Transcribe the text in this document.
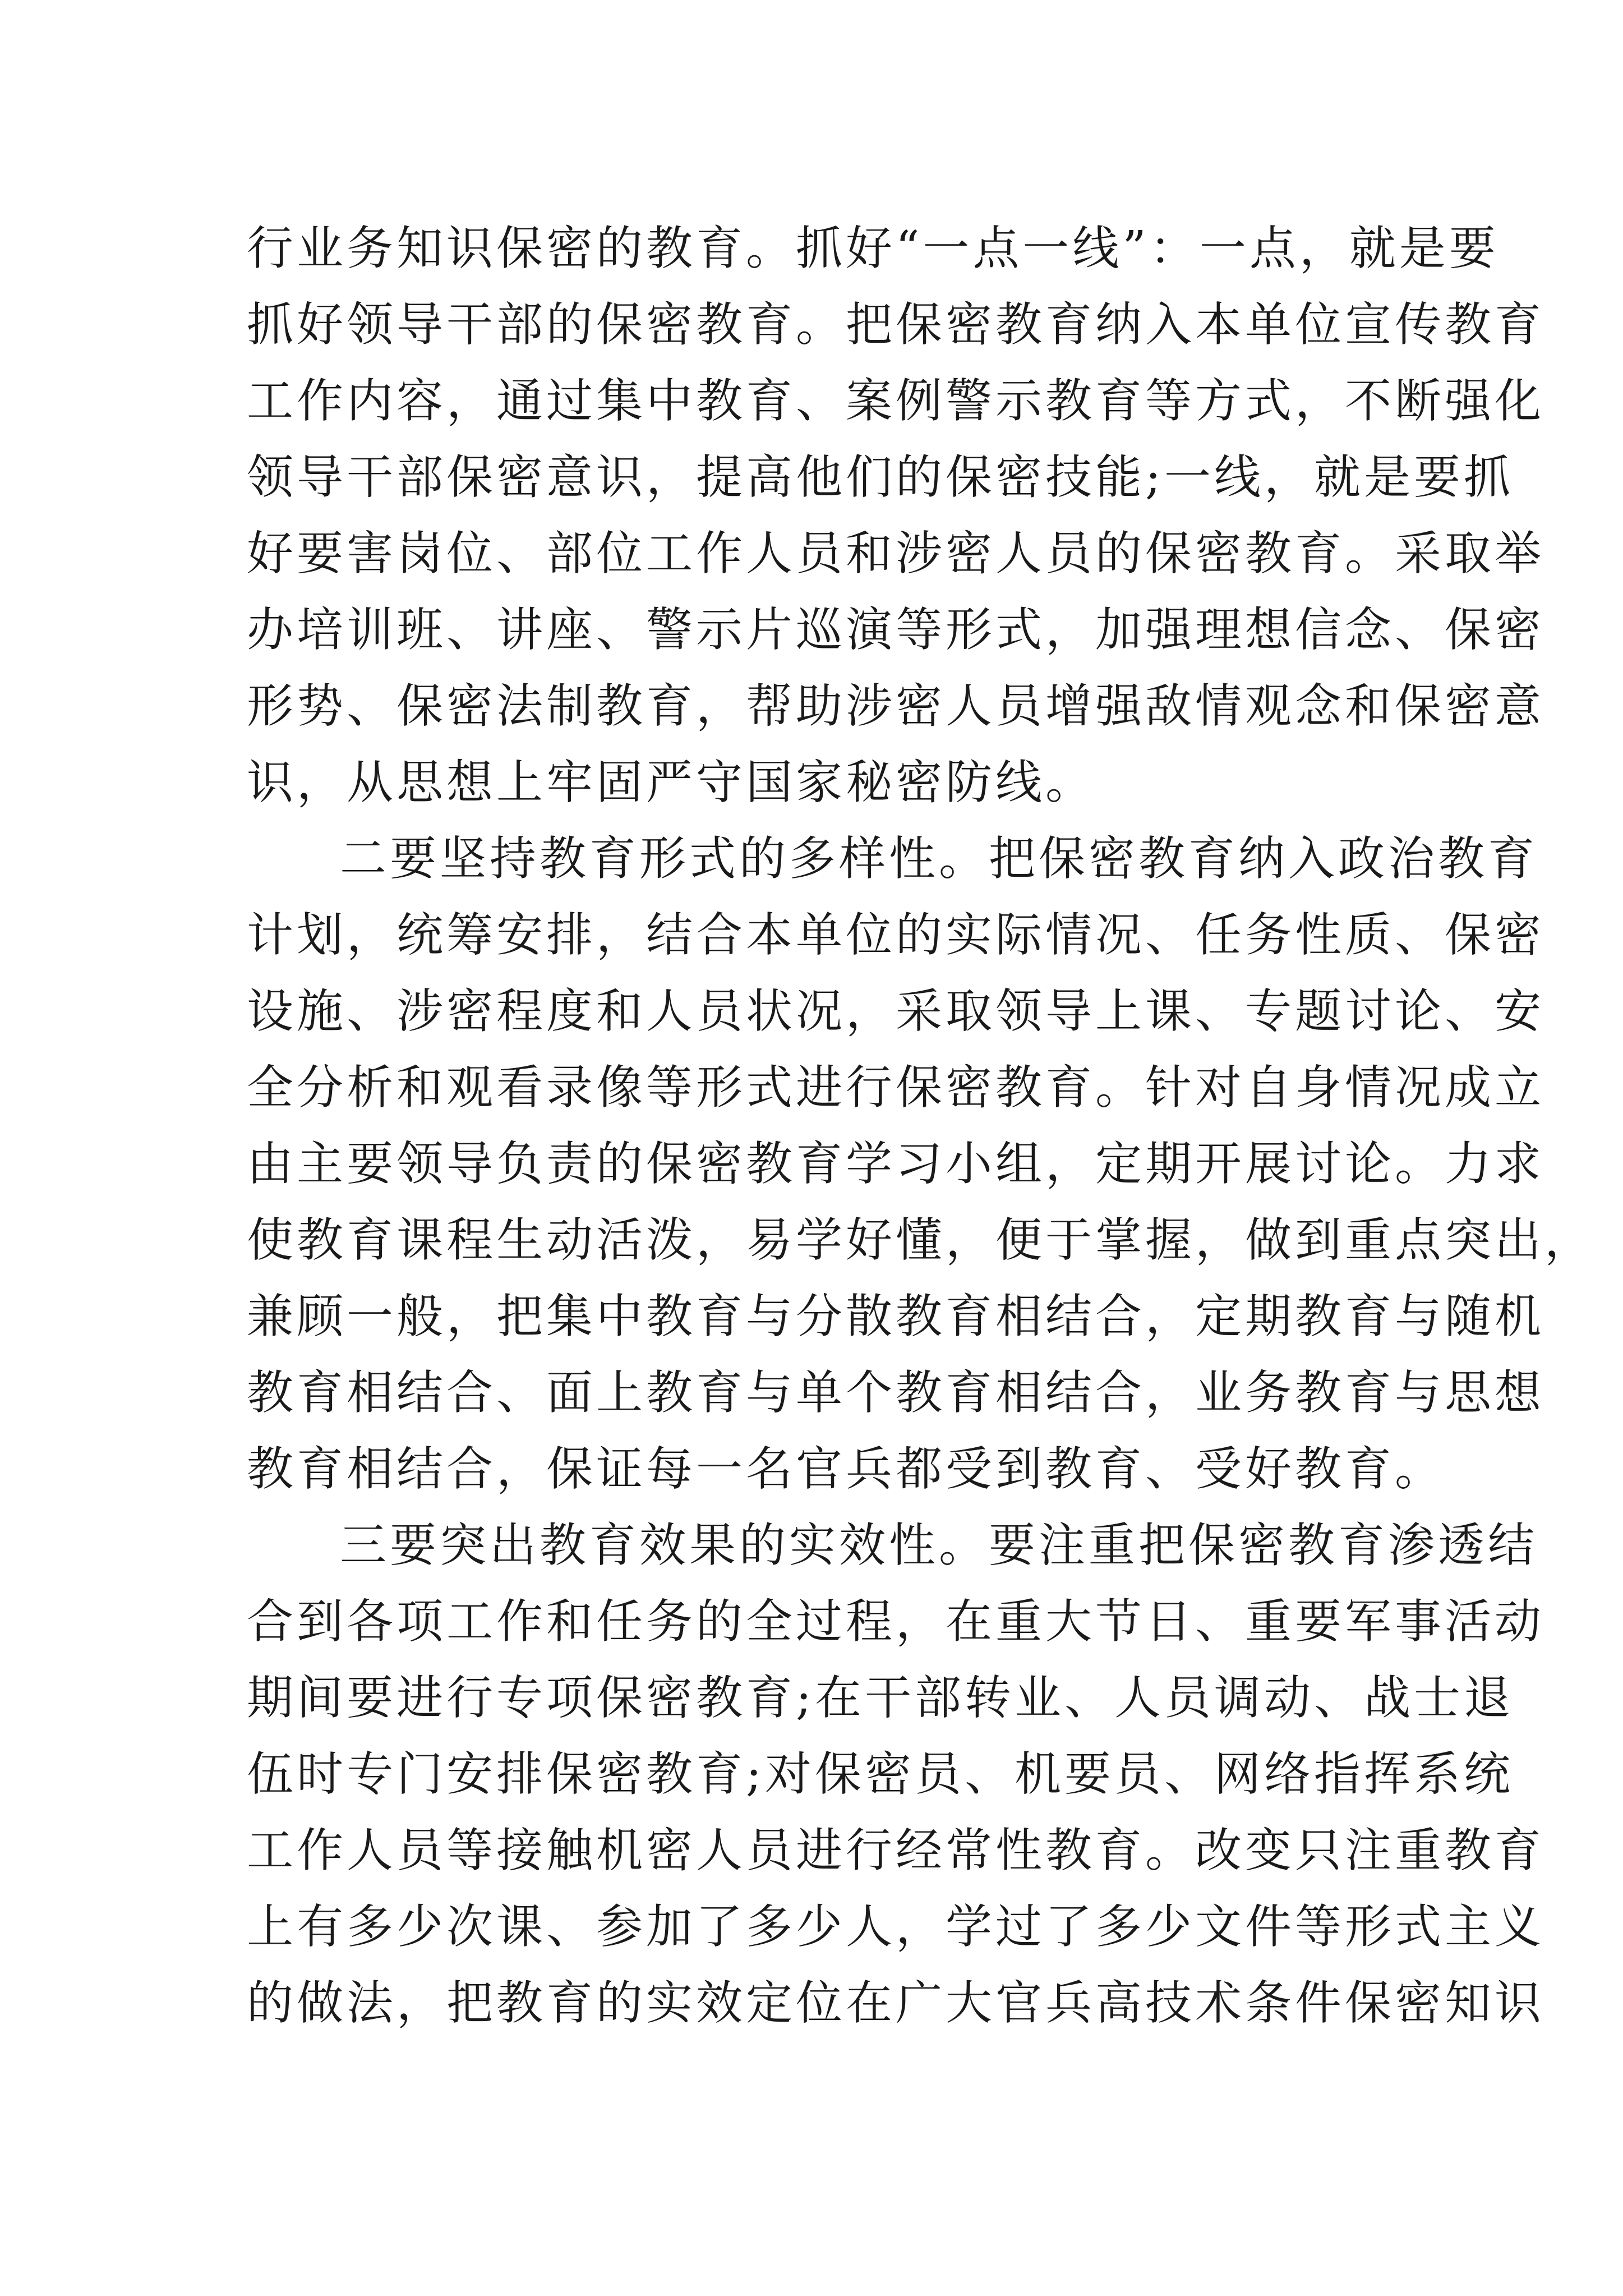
行业务知识保密的教育。抓好“一点一线”：一点，就是要
抓好领导干部的保密教育。把保密教育纳入本单位宣传教育
工作内容，通过集中教育、案例警示教育等方式，不断强化
领导干部保密意识，提高他们的保密技能;一线，就是要抓
好要害岗位、部位工作人员和涉密人员的保密教育。采取举
办培训班、讲座、警示片巡演等形式，加强理想信念、保密
形势、保密法制教育，帮助涉密人员增强敌情观念和保密意
识，从思想上牢固严守国家秘密防线。
二要坚持教育形式的多样性。把保密教育纳入政治教育
计划，统筹安排，结合本单位的实际情况、任务性质、保密
设施、涉密程度和人员状况，采取领导上课、专题讨论、安
全分析和观看录像等形式进行保密教育。针对自身情况成立
由主要领导负责的保密教育学习小组，定期开展讨论。力求
使教育课程生动活泼，易学好懂，便于掌握，做到重点突出，
兼顾一般，把集中教育与分散教育相结合，定期教育与随机
教育相结合、面上教育与单个教育相结合，业务教育与思想
教育相结合，保证每一名官兵都受到教育、受好教育。
三要突出教育效果的实效性。要注重把保密教育渗透结
合到各项工作和任务的全过程，在重大节日、重要军事活动
期间要进行专项保密教育;在干部转业、人员调动、战士退
伍时专门安排保密教育;对保密员、机要员、网络指挥系统
工作人员等接触机密人员进行经常性教育。改变只注重教育
上有多少次课、参加了多少人，学过了多少文件等形式主义
的做法，把教育的实效定位在广大官兵高技术条件保密知识
